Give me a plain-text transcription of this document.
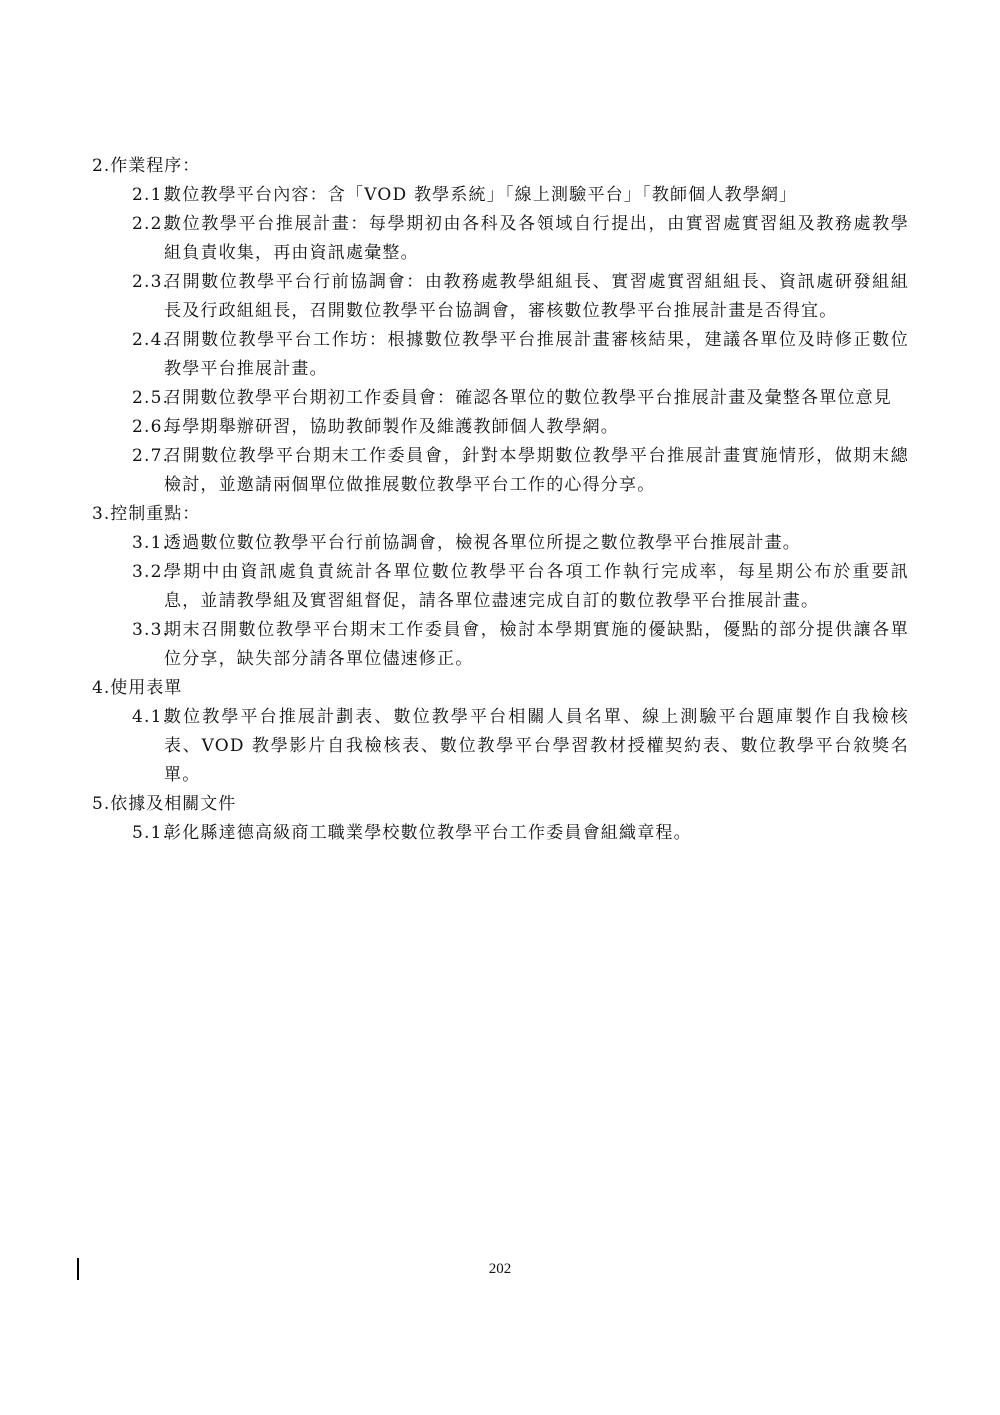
2.作業程序：
2.1.
數位教學平台內容：含「VOD 教學系統」「線上測驗平台」「教師個人教學網」
2.2.
數位教學平台推展計畫：每學期初由各科及各領域自行提出，由實習處實習組及教務處教學組負責收集，再由資訊處彙整。
2.3.
召開數位教學平台行前協調會：由教務處教學組組長、實習處實習組組長、資訊處研發組組長及行政組組長，召開數位教學平台協調會，審核數位教學平台推展計畫是否得宜。
2.4.
召開數位教學平台工作坊：根據數位教學平台推展計畫審核結果，建議各單位及時修正數位教學平台推展計畫。
2.5.
召開數位教學平台期初工作委員會：確認各單位的數位教學平台推展計畫及彙整各單位意見
2.6.
每學期舉辦研習，協助教師製作及維護教師個人教學網。
2.7.
召開數位教學平台期末工作委員會，針對本學期數位教學平台推展計畫實施情形，做期末總檢討，並邀請兩個單位做推展數位教學平台工作的心得分享。
3.控制重點：
3.1.
透過數位數位教學平台行前協調會，檢視各單位所提之數位教學平台推展計畫。
3.2.
學期中由資訊處負責統計各單位數位教學平台各項工作執行完成率，每星期公布於重要訊息，並請教學組及實習組督促，請各單位盡速完成自訂的數位教學平台推展計畫。
3.3.
期末召開數位教學平台期末工作委員會，檢討本學期實施的優缺點，優點的部分提供讓各單位分享，缺失部分請各單位儘速修正。
4.使用表單
4.1.
數位教學平台推展計劃表、數位教學平台相關人員名單、線上測驗平台題庫製作自我檢核表、VOD 教學影片自我檢核表、數位教學平台學習教材授權契約表、數位教學平台敘獎名單。
5.依據及相關文件
5.1.
彰化縣達德高級商工職業學校數位教學平台工作委員會組織章程。
202
